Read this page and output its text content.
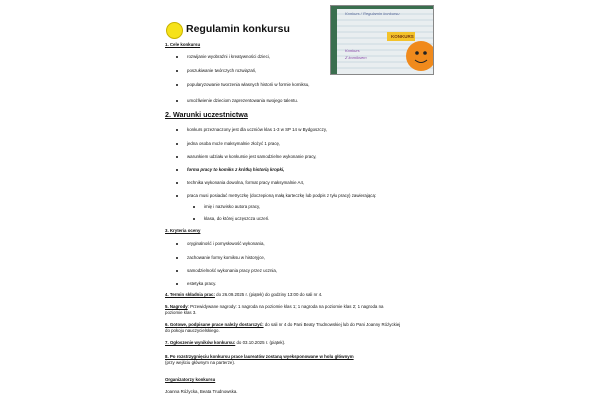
Regulamin konkursu
Konkurs / Regulamin konkursu
KONKURS
Konkurs
Z komiksem
1. Cele konkursu
rozwijanie wyobraźni i kreatywności dzieci,
poszukiwanie twórczych rozwiązań,
popularyzowanie tworzenia własnych historii w formie komiksu,
umożliwienie dzieciom zaprezentowania swojego talentu.
2. Warunki uczestnictwa
konkurs przeznaczony jest dla uczniów klas 1-3 w SP 14 w Bydgoszczy,
jedna osoba może maksymalnie złożyć 1 pracę,
warunkiem udziału w konkursie jest samodzielne wykonanie pracy,
forma pracy to komiks z krótką historią kropki,
technika wykonania dowolna, format pracy maksymalnie A4,
praca musi posiadać metryczkę (doczepioną małą karteczkę lub podpis z tyłu pracy) zawierającą:
imię i nazwisko autora pracy,
klasa, do której uczęszcza uczeń.
3. Kryteria oceny
oryginalność i pomysłowość wykonania,
zachowanie formy komiksu w historyjce,
samodzielność wykonania pracy przez ucznia,
estetyka pracy.
4. Termin składnia prac: do 26.09.2025 r. (piątek) do godziny 13:00 do sali nr 4.
5. Nagrody: Przewidywane nagrody: 1 nagroda na poziomie klas 1; 1 nagroda na poziomie klas 2; 1 nagroda na
poziomie klas 3.
6. Gotowe, podpisane prace należy dostarczyć: do sali nr 4 do Pani Beaty Trudnowskiej lub do Pani Joanny Różyckiej
do pokoju nauczycielskiego.
7. Ogłoszenie wyników konkursu: do 03.10.2025 r. (piątek).
8. Po rozstrzygnięciu konkursu prace laureatów zostaną wyeksponowane w holu głównym
(przy wejściu głównym na parterze).
Organizatorzy konkursu
Joanna Różycka, Beata Trudnowska.
